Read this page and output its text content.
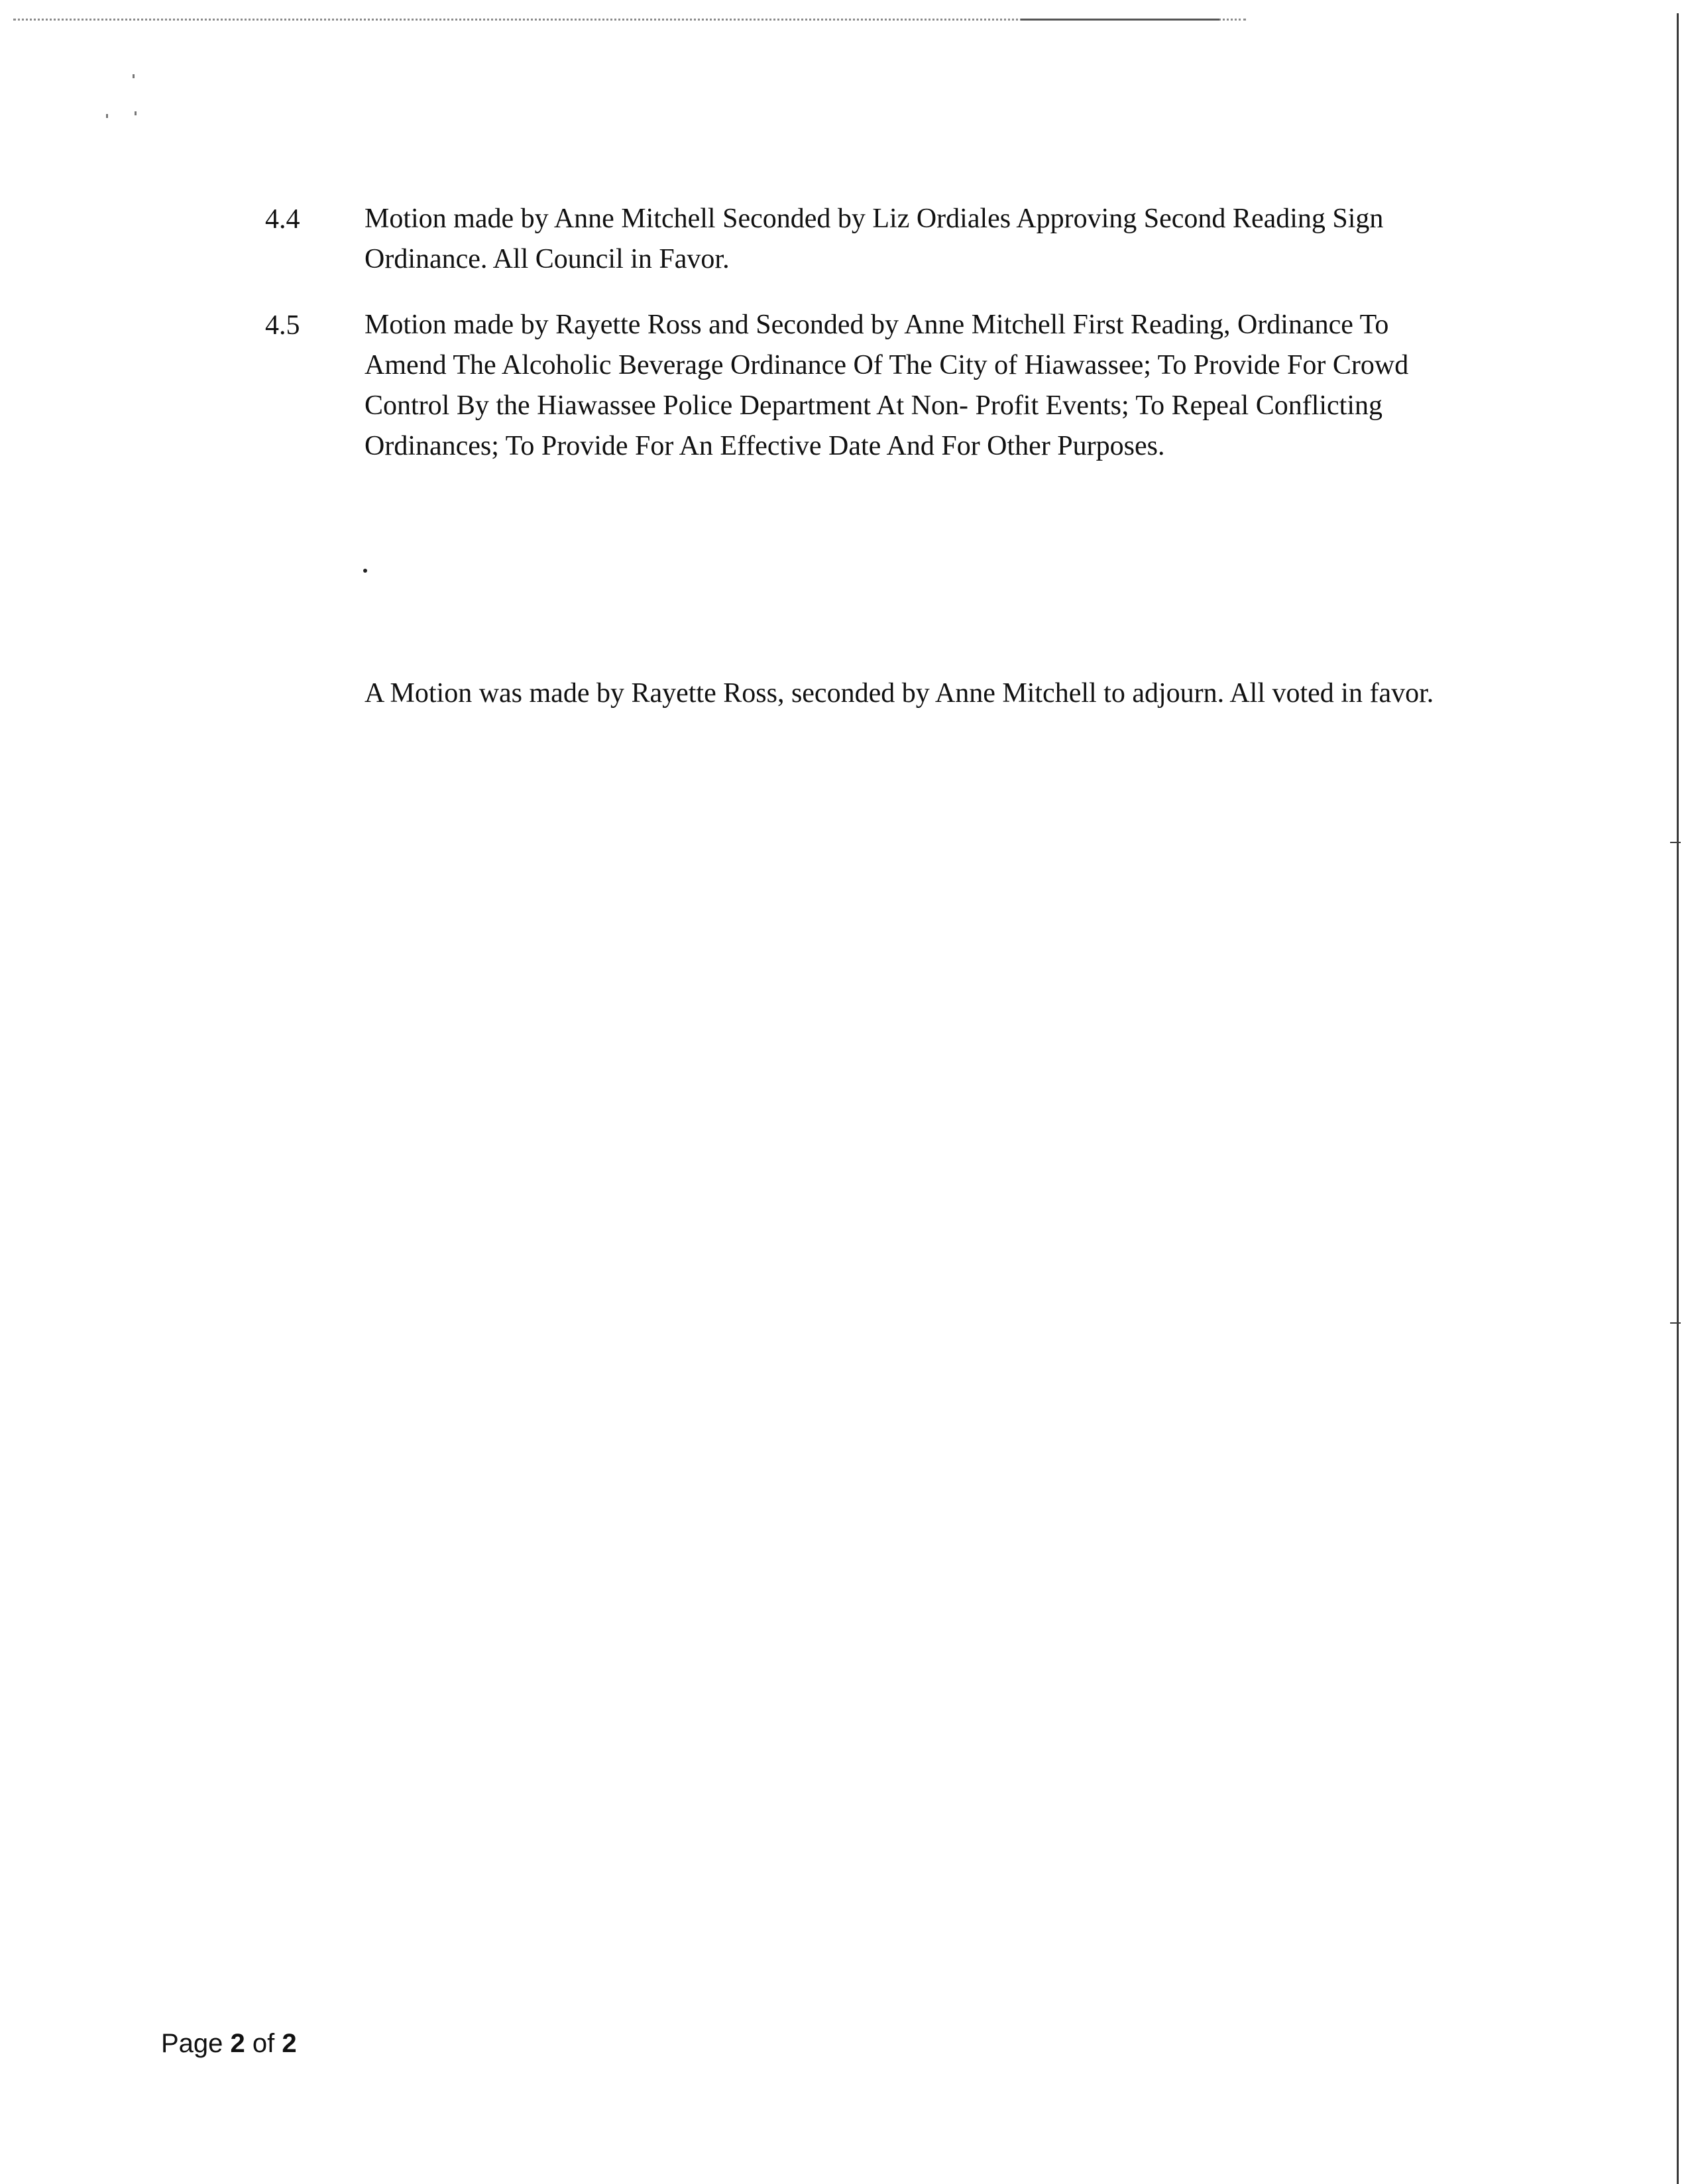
4.4	Motion made by Anne Mitchell Seconded by Liz Ordiales Approving Second Reading Sign Ordinance. All Council in Favor.
4.5	Motion made by Rayette Ross and Seconded by Anne Mitchell First Reading, Ordinance To Amend The Alcoholic Beverage Ordinance Of The City of Hiawassee; To Provide For Crowd Control By the Hiawassee Police Department At Non- Profit Events; To Repeal Conflicting Ordinances; To Provide For An Effective Date And For Other Purposes.
A Motion was made by Rayette Ross, seconded by Anne Mitchell to adjourn. All voted in favor.
Page 2 of 2
